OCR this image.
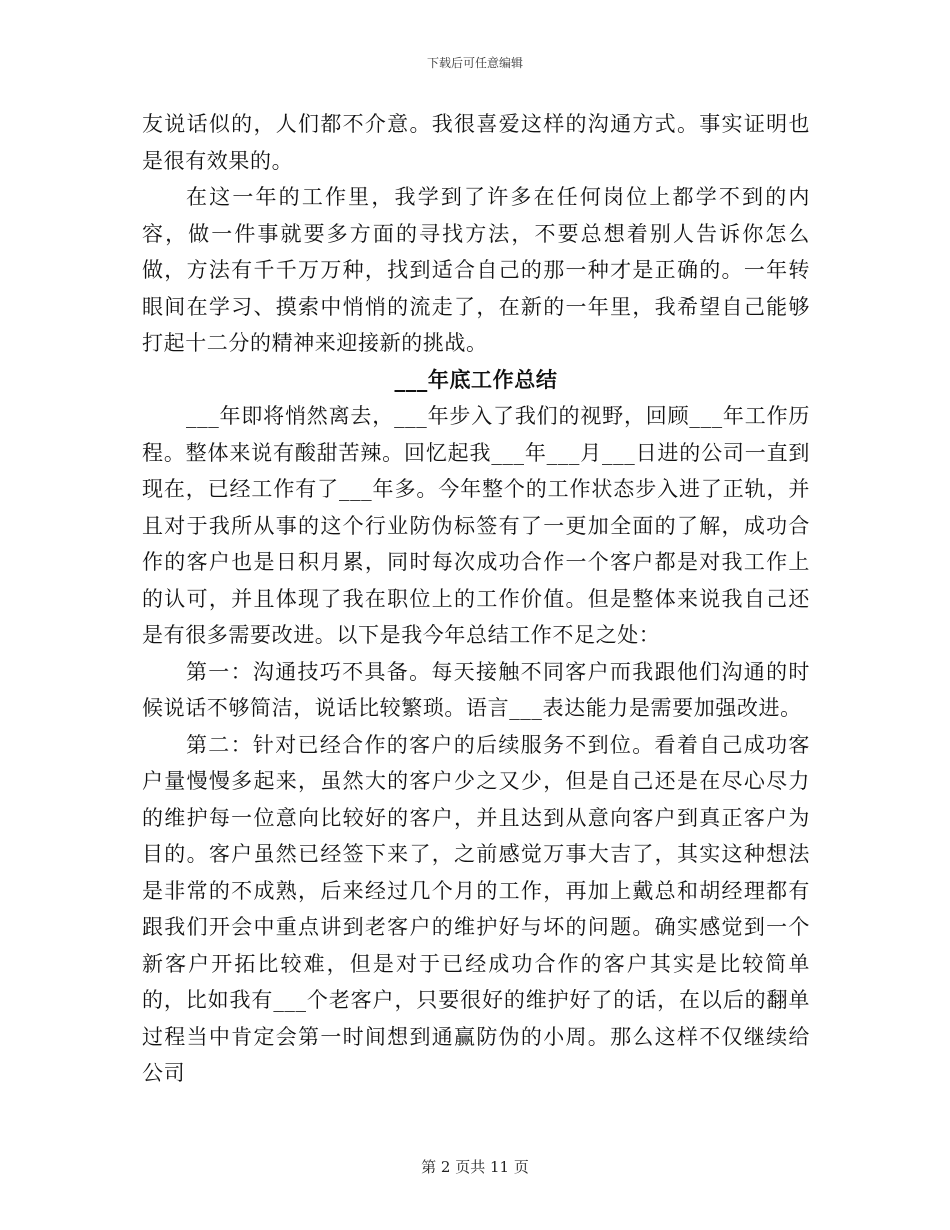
下载后可任意编辑

友说话似的，人们都不介意。我很喜爱这样的沟通方式。事实证明也是很有效果的。

在这一年的工作里，我学到了许多在任何岗位上都学不到的内容，做一件事就要多方面的寻找方法，不要总想着别人告诉你怎么做，方法有千千万万种，找到适合自己的那一种才是正确的。一年转眼间在学习、摸索中悄悄的流走了，在新的一年里，我希望自己能够打起十二分的精神来迎接新的挑战。

___年底工作总结

___年即将悄然离去，___年步入了我们的视野，回顾___年工作历程。整体来说有酸甜苦辣。回忆起我___年___月___日进的公司一直到现在，已经工作有了___年多。今年整个的工作状态步入进了正轨，并且对于我所从事的这个行业防伪标签有了一更加全面的了解，成功合作的客户也是日积月累，同时每次成功合作一个客户都是对我工作上的认可，并且体现了我在职位上的工作价值。但是整体来说我自己还是有很多需要改进。以下是我今年总结工作不足之处：

第一：沟通技巧不具备。每天接触不同客户而我跟他们沟通的时候说话不够简洁，说话比较繁琐。语言___表达能力是需要加强改进。

第二：针对已经合作的客户的后续服务不到位。看着自己成功客户量慢慢多起来，虽然大的客户少之又少，但是自己还是在尽心尽力的维护每一位意向比较好的客户，并且达到从意向客户到真正客户为目的。客户虽然已经签下来了，之前感觉万事大吉了，其实这种想法是非常的不成熟，后来经过几个月的工作，再加上戴总和胡经理都有跟我们开会中重点讲到老客户的维护好与坏的问题。确实感觉到一个新客户开拓比较难，但是对于已经成功合作的客户其实是比较简单的，比如我有___个老客户，只要很好的维护好了的话，在以后的翻单过程当中肯定会第一时间想到通赢防伪的小周。那么这样不仅继续给公司

第 2 页共 11 页
